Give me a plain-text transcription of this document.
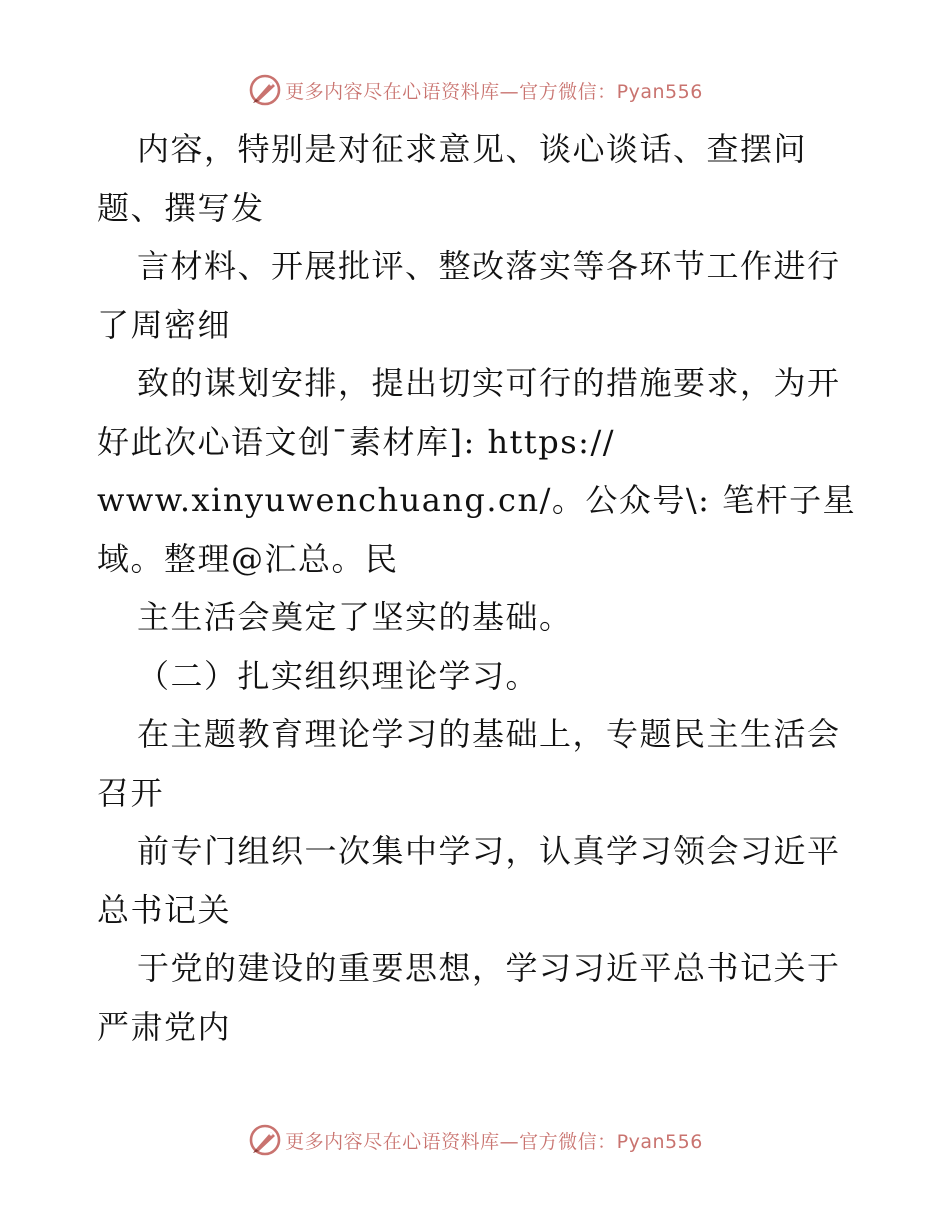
更多内容尽在心语资料库—官方微信：Pyan556
内容，特别是对征求意见、谈心谈话、查摆问
题、撰写发
言材料、开展批评、整改落实等各环节工作进行
了周密细
致的谋划安排，提出切实可行的措施要求，为开
好此次心语文创¯素材库]: https://
www.xinyuwenchuang.cn/。公众号\: 笔杆子星
域。整理@汇总。民
主生活会奠定了坚实的基础。
（二）扎实组织理论学习。
在主题教育理论学习的基础上，专题民主生活会
召开
前专门组织一次集中学习，认真学习领会习近平
总书记关
于党的建设的重要思想，学习习近平总书记关于
严肃党内
更多内容尽在心语资料库—官方微信：Pyan556
